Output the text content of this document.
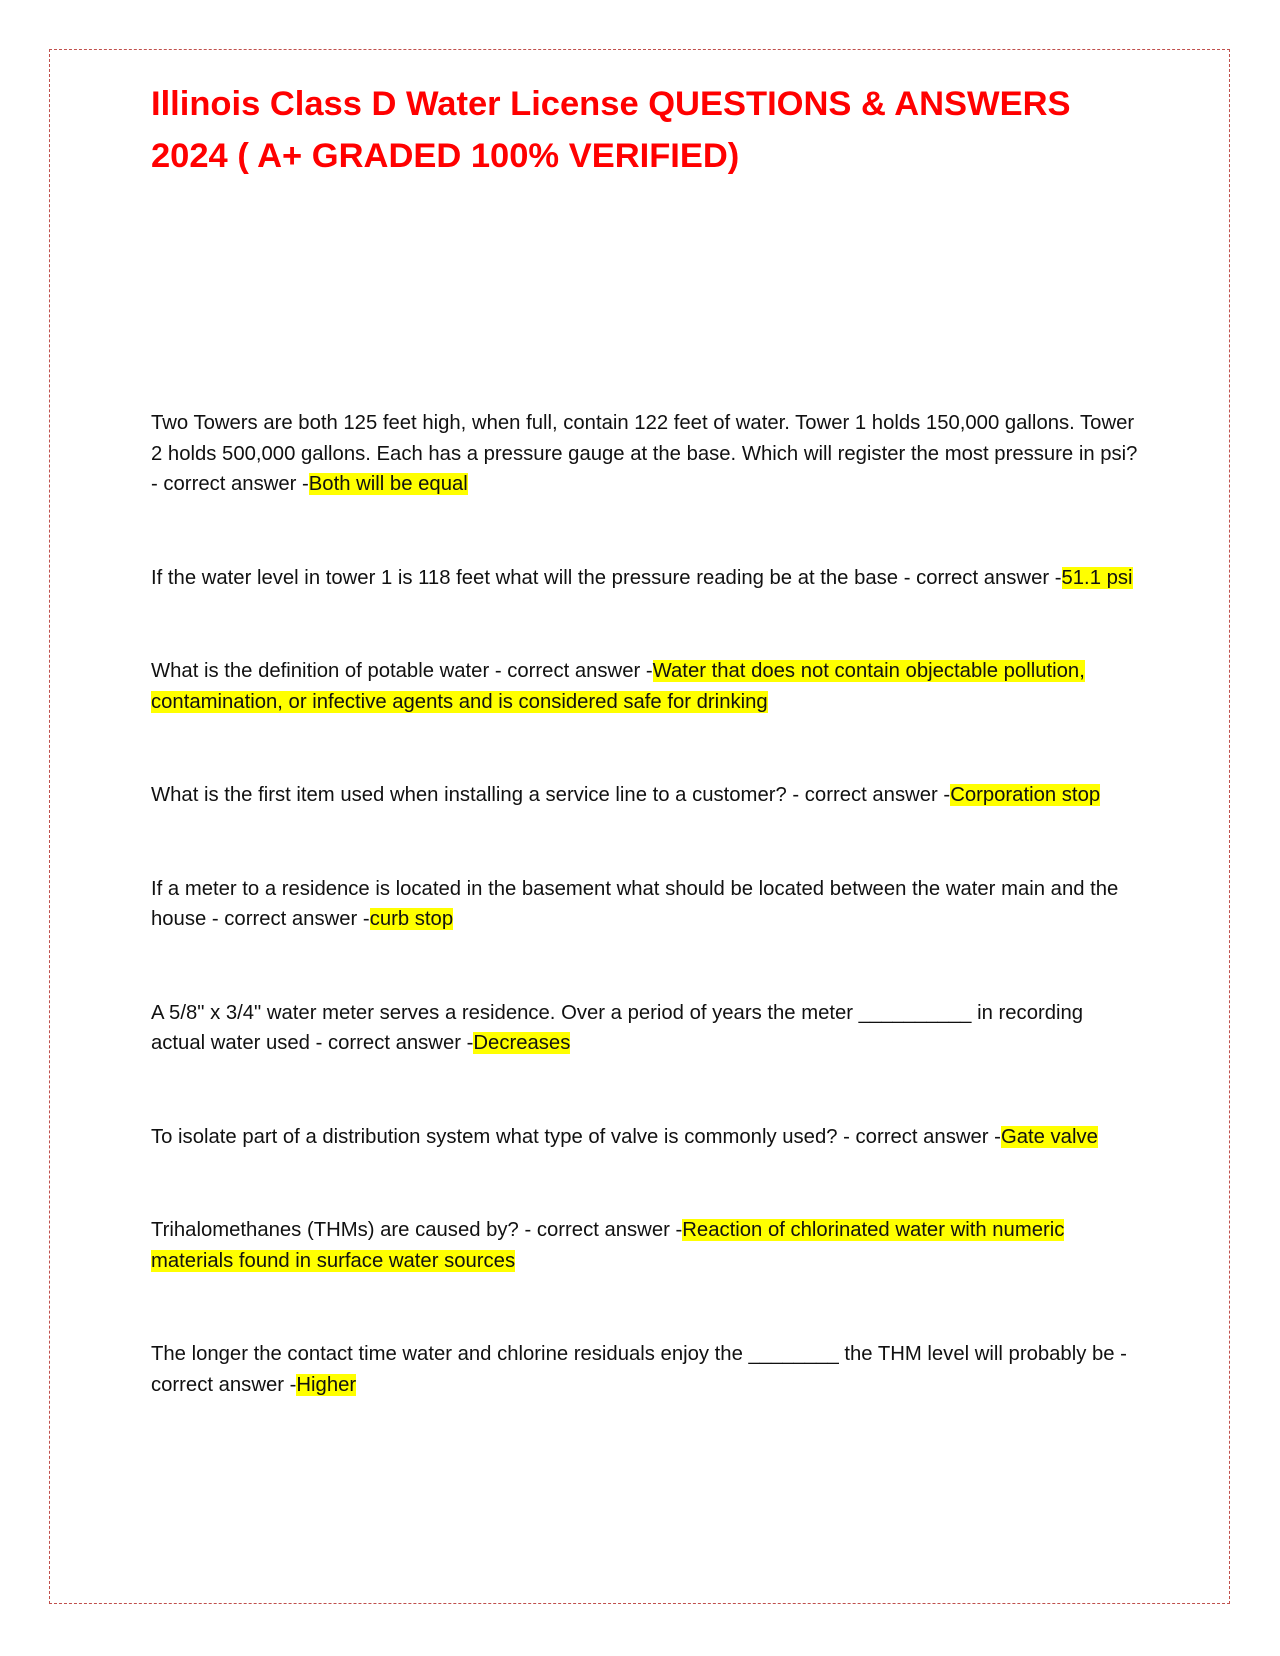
Illinois Class D Water License QUESTIONS & ANSWERS 2024 ( A+ GRADED 100% VERIFIED)

Two Towers are both 125 feet high, when full, contain 122 feet of water. Tower 1 holds 150,000 gallons. Tower 2 holds 500,000 gallons. Each has a pressure gauge at the base. Which will register the most pressure in psi? - correct answer -Both will be equal

If the water level in tower 1 is 118 feet what will the pressure reading be at the base - correct answer -51.1 psi

What is the definition of potable water - correct answer -Water that does not contain objectable pollution, contamination, or infective agents and is considered safe for drinking

What is the first item used when installing a service line to a customer? - correct answer -Corporation stop

If a meter to a residence is located in the basement what should be located between the water main and the house - correct answer -curb stop

A 5/8" x 3/4" water meter serves a residence. Over a period of years the meter __________ in recording actual water used - correct answer -Decreases

To isolate part of a distribution system what type of valve is commonly used? - correct answer -Gate valve

Trihalomethanes (THMs) are caused by? - correct answer -Reaction of chlorinated water with numeric materials found in surface water sources

The longer the contact time water and chlorine residuals enjoy the ________ the THM level will probably be - correct answer -Higher
